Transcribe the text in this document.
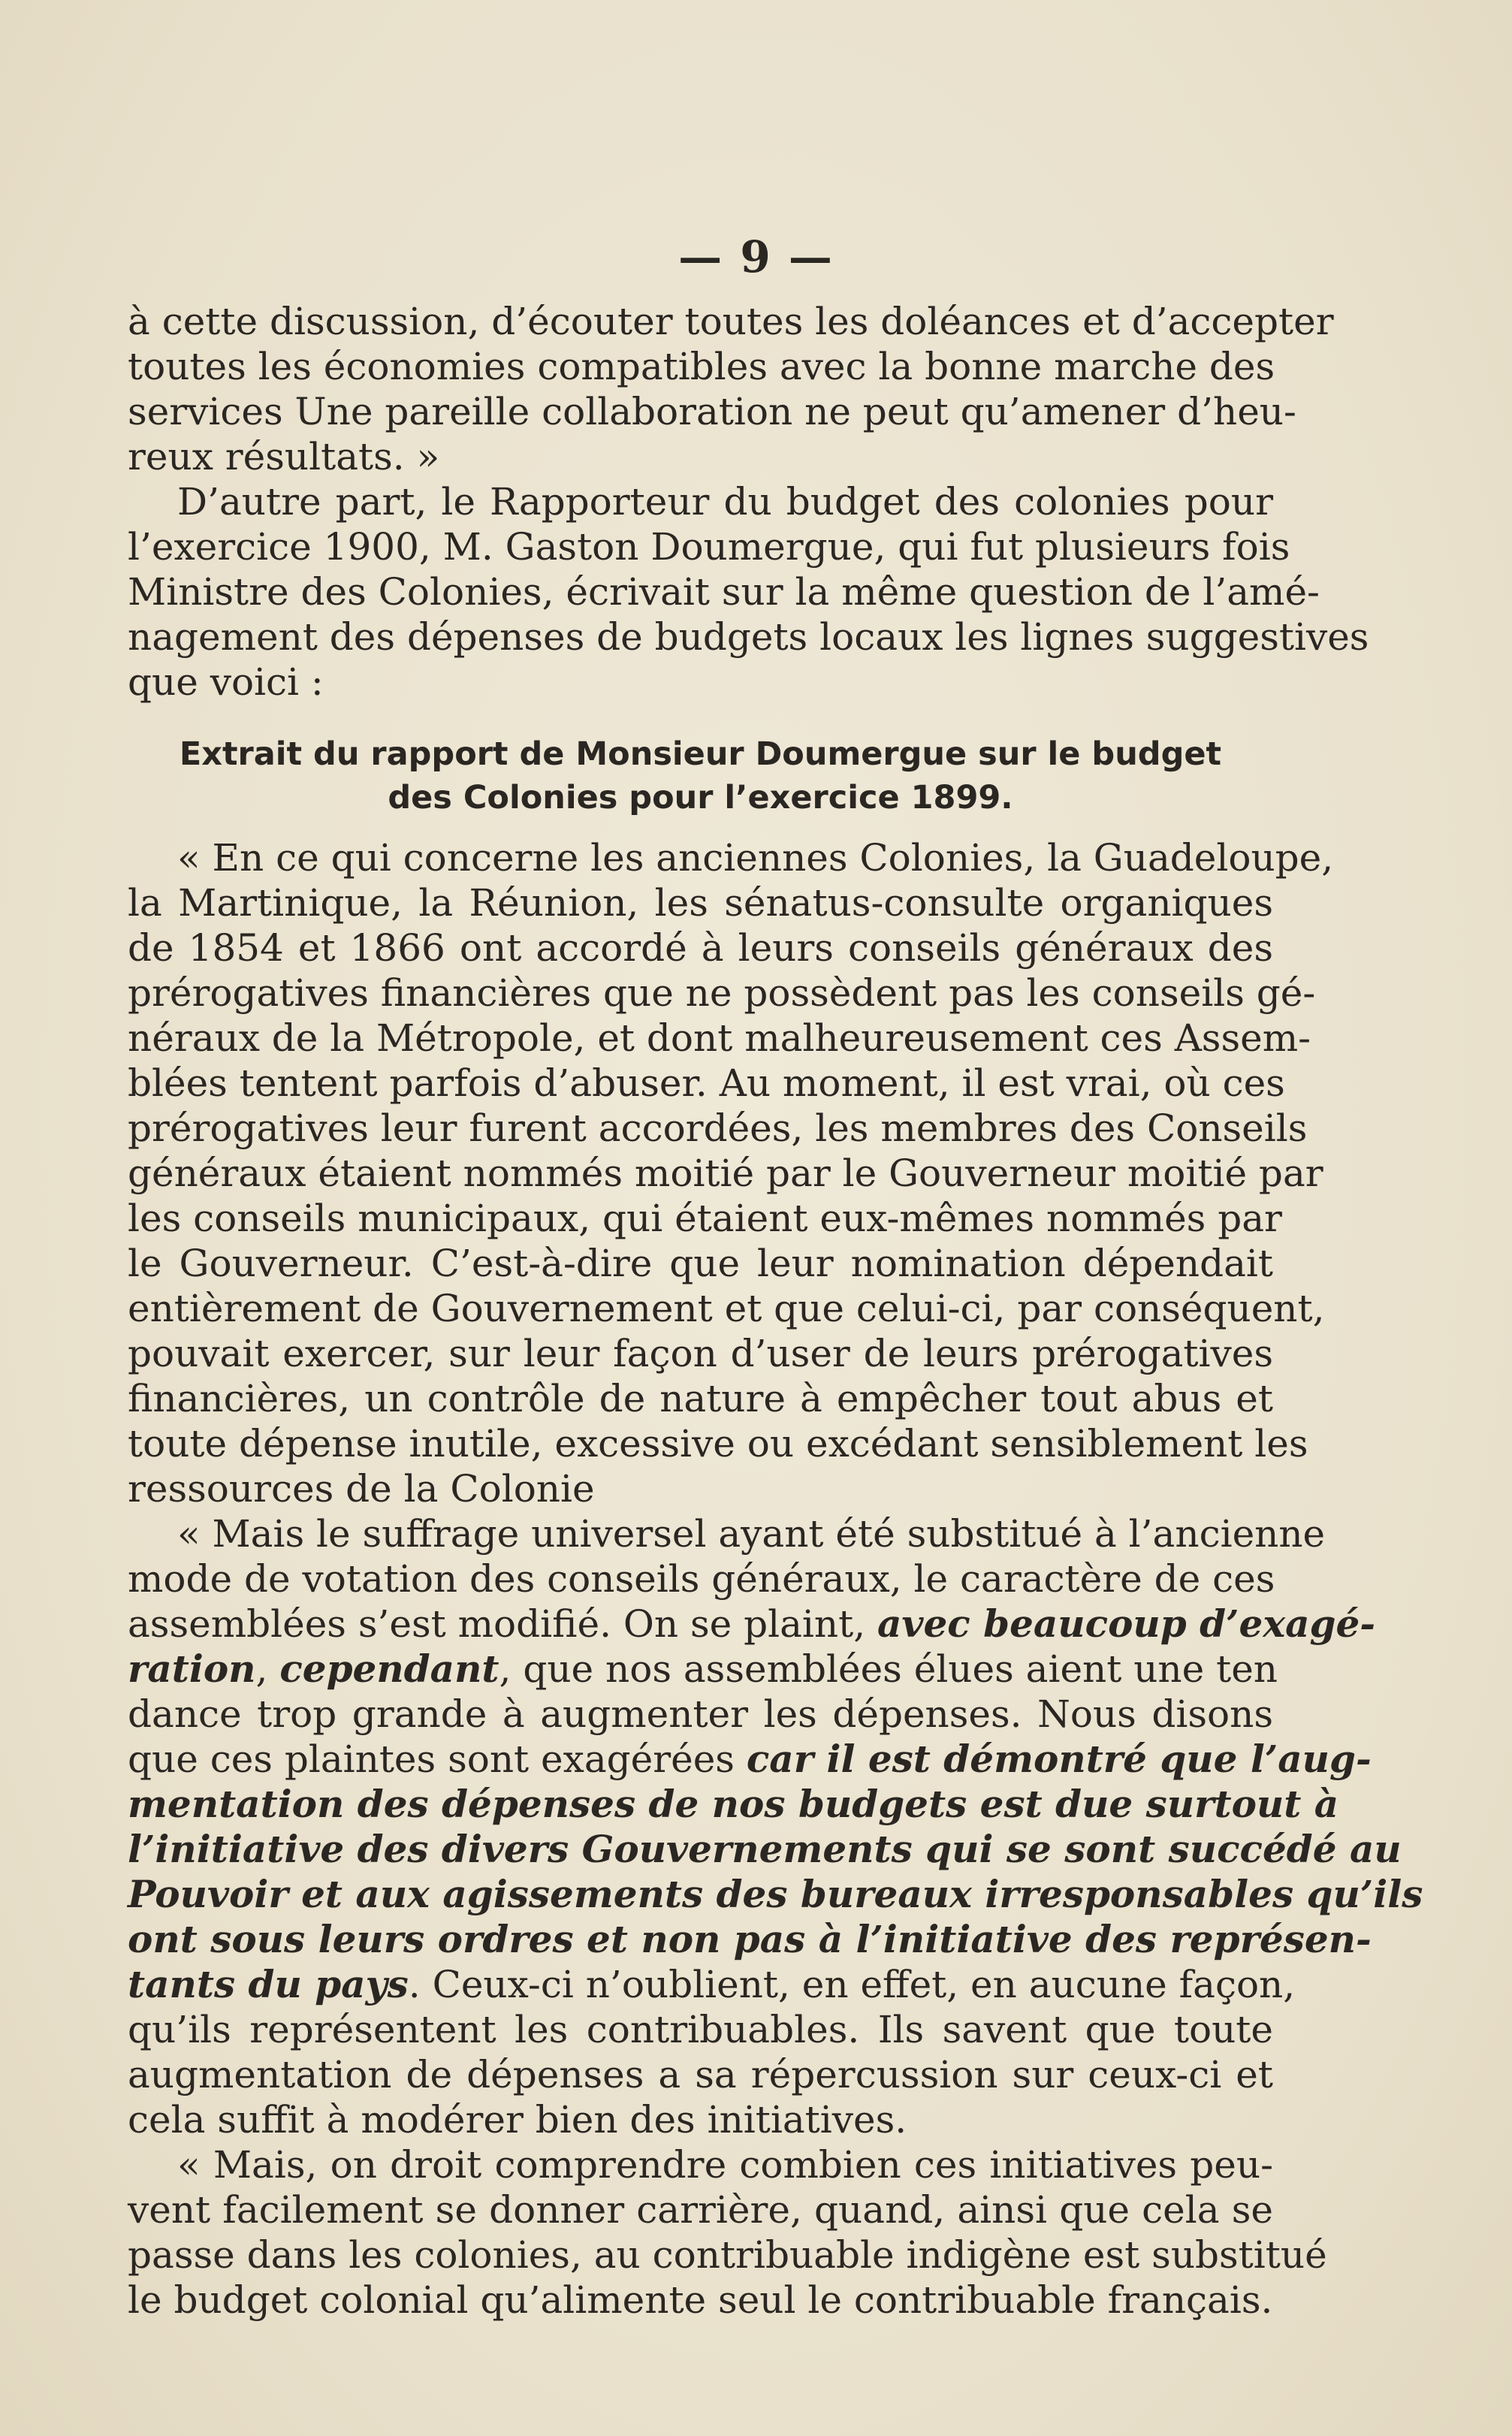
— 9 —
à cette discussion, d’écouter toutes les doléances et d’accepter
toutes les économies compatibles avec la bonne marche des
services Une pareille collaboration ne peut qu’amener d’heu-
reux résultats. »
D’autre part, le Rapporteur du budget des colonies pour
l’exercice 1900, M. Gaston Doumergue, qui fut plusieurs fois
Ministre des Colonies, écrivait sur la même question de l’amé-
nagement des dépenses de budgets locaux les lignes suggestives
que voici :
Extrait du rapport de Monsieur Doumergue sur le budget
des Colonies pour l’exercice 1899.
« En ce qui concerne les anciennes Colonies, la Guadeloupe,
la Martinique, la Réunion, les sénatus-consulte organiques
de 1854 et 1866 ont accordé à leurs conseils généraux des
prérogatives financières que ne possèdent pas les conseils gé-
néraux de la Métropole, et dont malheureusement ces Assem-
blées tentent parfois d’abuser. Au moment, il est vrai, où ces
prérogatives leur furent accordées, les membres des Conseils
généraux étaient nommés moitié par le Gouverneur moitié par
les conseils municipaux, qui étaient eux-mêmes nommés par
le Gouverneur. C’est-à-dire que leur nomination dépendait
entièrement de Gouvernement et que celui-ci, par conséquent,
pouvait exercer, sur leur façon d’user de leurs prérogatives
financières, un contrôle de nature à empêcher tout abus et
toute dépense inutile, excessive ou excédant sensiblement les
ressources de la Colonie
« Mais le suffrage universel ayant été substitué à l’ancienne
mode de votation des conseils généraux, le caractère de ces
assemblées s’est modifié. On se plaint, avec beaucoup d’exagé-
ration, cependant, que nos assemblées élues aient une ten
dance trop grande à augmenter les dépenses. Nous disons
que ces plaintes sont exagérées car il est démontré que l’aug-
mentation des dépenses de nos budgets est due surtout à
l’initiative des divers Gouvernements qui se sont succédé au
Pouvoir et aux agissements des bureaux irresponsables qu’ils
ont sous leurs ordres et non pas à l’initiative des représen-
tants du pays. Ceux-ci n’oublient, en effet, en aucune façon,
qu’ils représentent les contribuables. Ils savent que toute
augmentation de dépenses a sa répercussion sur ceux-ci et
cela suffit à modérer bien des initiatives.
« Mais, on droit comprendre combien ces initiatives peu-
vent facilement se donner carrière, quand, ainsi que cela se
passe dans les colonies, au contribuable indigène est substitué
le budget colonial qu’alimente seul le contribuable français.
